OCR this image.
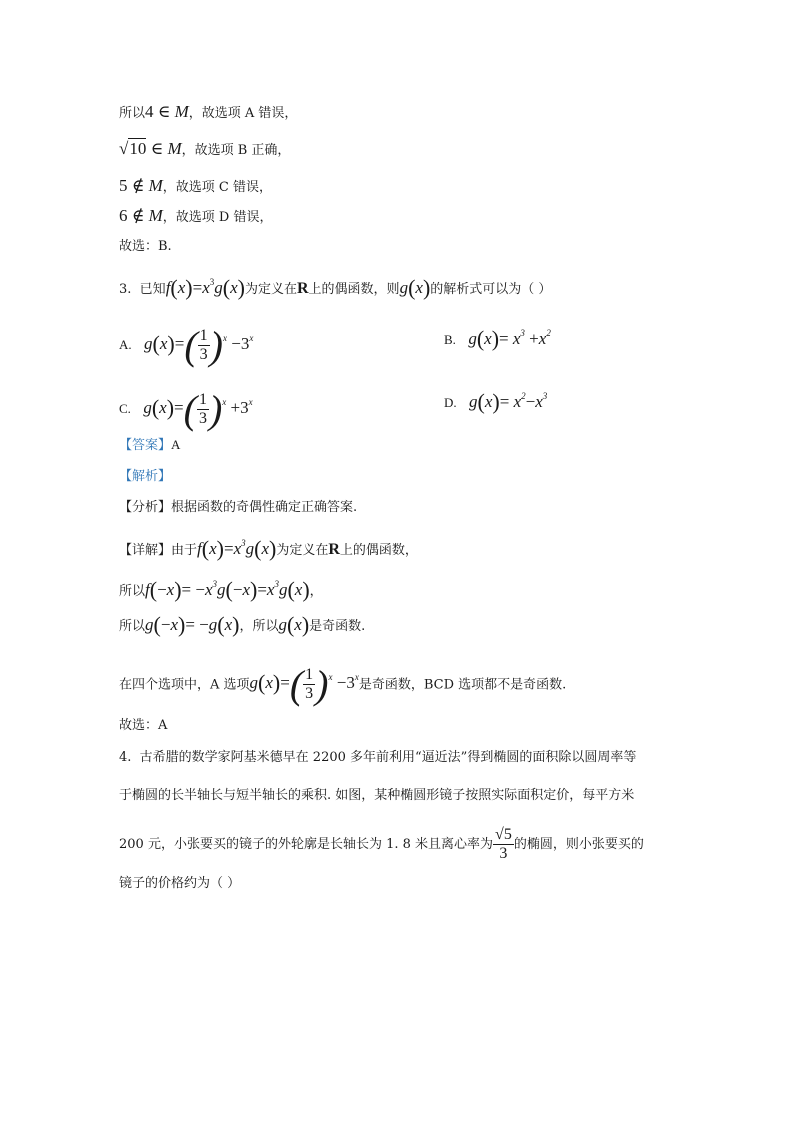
所以4 ∈ M，故选项 A 错误，
√10 ∈ M，故选项 B 正确，
5 ∉ M，故选项 C 错误，
6 ∉ M，故选项 D 错误，
故选：B.
3. 已知$f(x)=x^3g(x)$为定义在R上的偶函数，则g(x)的解析式可以为（ ）
A. $g(x)=( \frac{1}{3} )^x -3^x$	B. $g(x)= x^3 +x^2$
C. $g(x)=( \frac{1}{3} )^x +3^x$	D. $g(x)= x^2-x^3$
【答案】A
【解析】
【分析】根据函数的奇偶性确定正确答案.
【详解】由于$f(x)=x^3g(x)$为定义在R上的偶函数，
所以$f(-x)= -x^3g(-x)=x^3g(x)$，
所以g(−x)= −g(x)，所以g(x)是奇函数.
在四个选项中，A 选项$g(x)=( \frac{1}{3} )^x -3^x$是奇函数，BCD 选项都不是奇函数.
故选：A
4. 古希腊的数学家阿基米德早在 2200 多年前利用“逼近法”得到椭圆的面积除以圆周率等
于椭圆的长半轴长与短半轴长的乘积. 如图，某种椭圆形镜子按照实际面积定价，每平方米
200 元，小张要买的镜子的外轮廓是长轴长为 1. 8 米且离心率为 $\frac{√5}{3}$ 的椭圆，则小张要买的
镜子的价格约为（ ）
